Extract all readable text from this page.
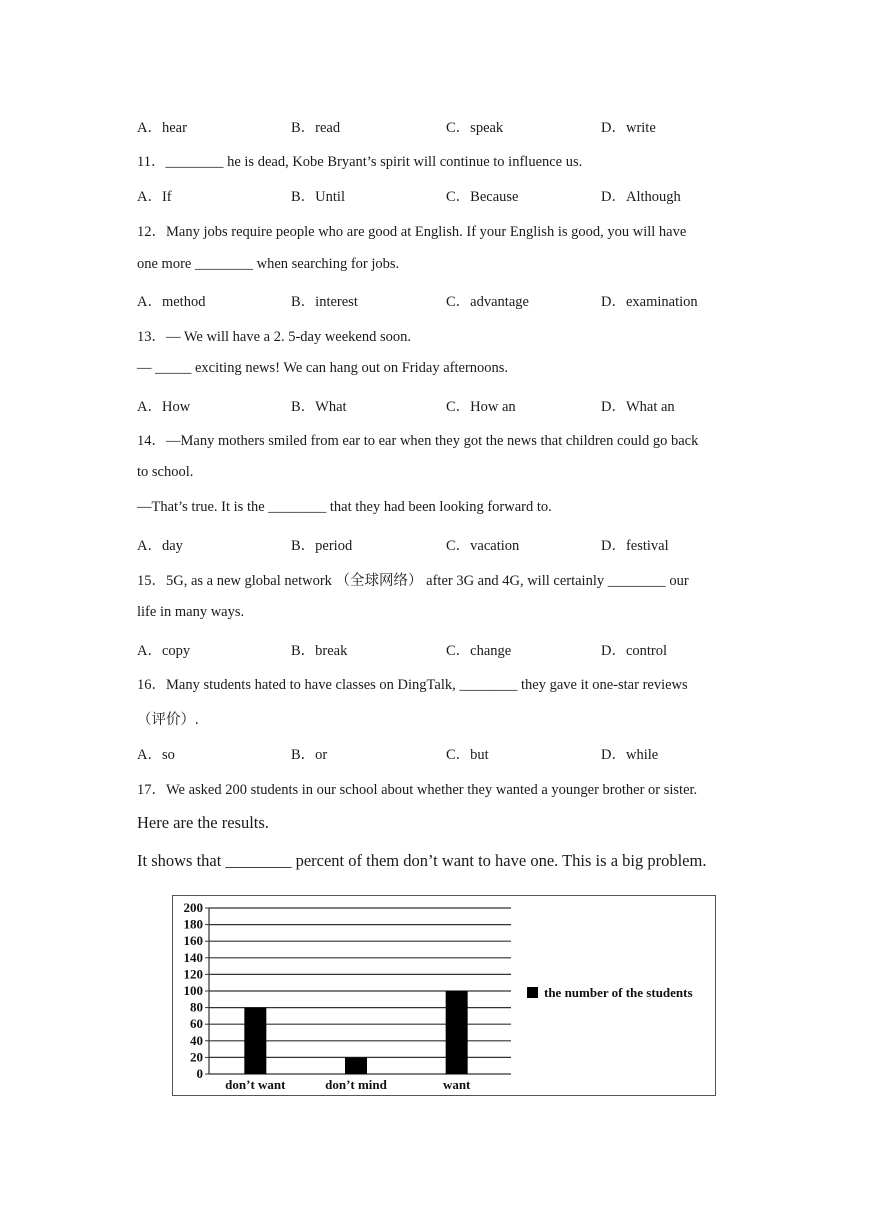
A．hear	B．read	C．speak	D．write
11．________ he is dead, Kobe Bryant’s spirit will continue to influence us.
A．If	B．Until	C．Because	D．Although
12．Many jobs require people who are good at English. If your English is good, you will have
one more ________ when searching for jobs.
A．method	B．interest	C．advantage	D．examination
13．— We will have a 2. 5-day weekend soon.
— _____ exciting news! We can hang out on Friday afternoons.
A．How	B．What	C．How an	D．What an
14．—Many mothers smiled from ear to ear when they got the news that children could go back
to school.
—That’s true. It is the ________ that they had been looking forward to.
A．day	B．period	C．vacation	D．festival
15．5G, as a new global network （全球网络） after 3G and 4G, will certainly ________ our
life in many ways.
A．copy	B．break	C．change	D．control
16．Many students hated to have classes on DingTalk, ________ they gave it one-star reviews
（评价）.
A．so	B．or	C．but	D．while
17．We asked 200 students in our school about whether they wanted a younger brother or sister.
Here are the results.
It shows that ________ percent of them don’t want to have one. This is a big problem.
0
20
40
60
80
100
120
140
160
180
200
don’t want	don’t mind	want
the number of the students
